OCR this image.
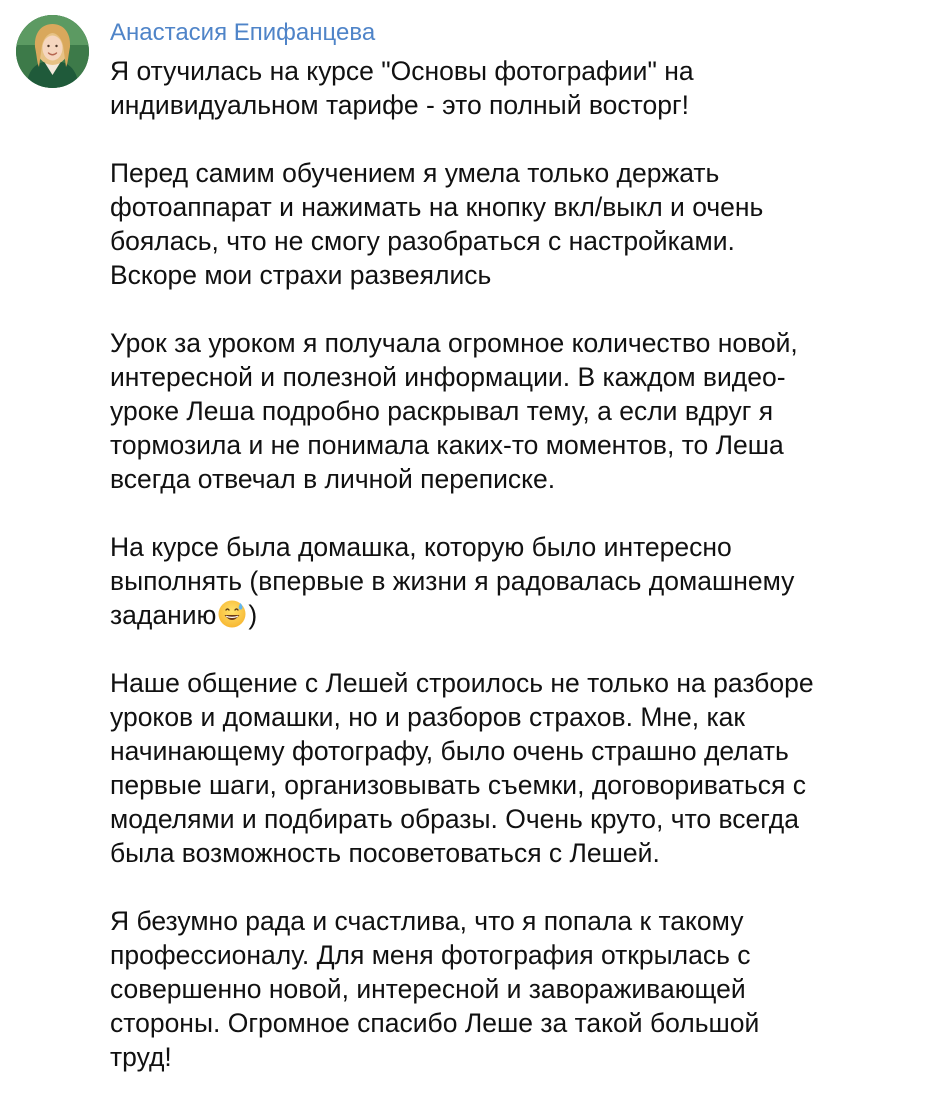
Анастасия Епифанцева

Я отучилась на курсе "Основы фотографии" на
индивидуальном тарифе - это полный восторг!

Перед самим обучением я умела только держать
фотоаппарат и нажимать на кнопку вкл/выкл и очень
боялась, что не смогу разобраться с настройками.
Вскоре мои страхи развеялись

Урок за уроком я получала огромное количество новой,
интересной и полезной информации. В каждом видео-
уроке Леша подробно раскрывал тему, а если вдруг я
тормозила и не понимала каких-то моментов, то Леша
всегда отвечал в личной переписке.

На курсе была домашка, которую было интересно
выполнять (впервые в жизни я радовалась домашнему
заданию )

Наше общение с Лешей строилось не только на разборе
уроков и домашки, но и разборов страхов. Мне, как
начинающему фотографу, было очень страшно делать
первые шаги, организовывать съемки, договориваться с
моделями и подбирать образы. Очень круто, что всегда
была возможность посоветоваться с Лешей.

Я безумно рада и счастлива, что я попала к такому
профессионалу. Для меня фотография открылась с
совершенно новой, интересной и завораживающей
стороны. Огромное спасибо Леше за такой большой
труд!
